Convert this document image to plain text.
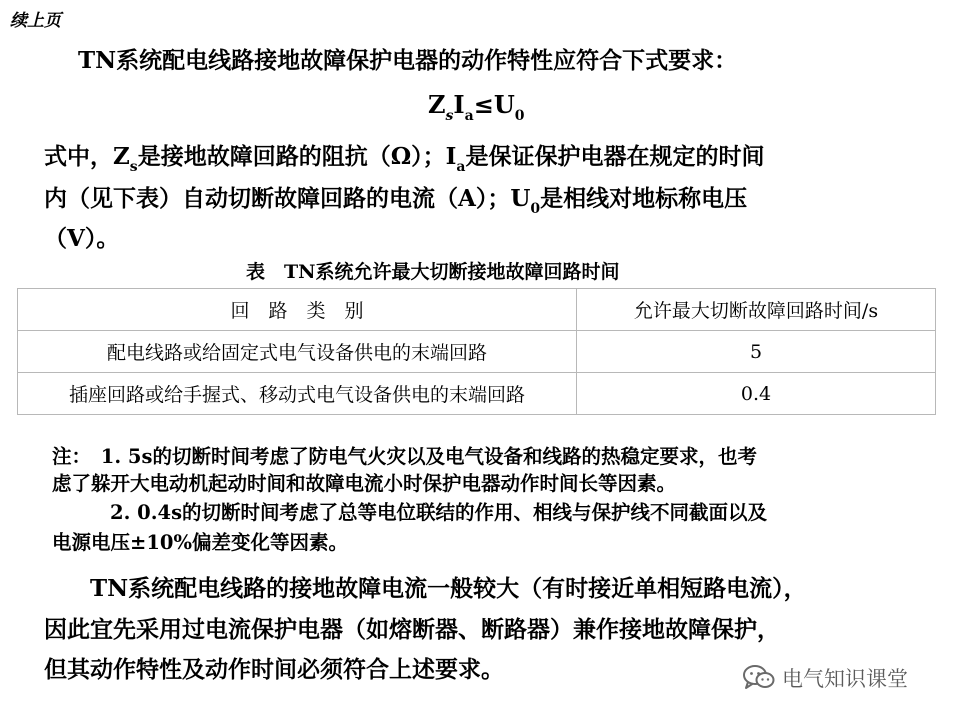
续上页
TN系统配电线路接地故障保护电器的动作特性应符合下式要求：
$Z_sI_a\le U_0$
式中，$Z_s$是接地故障回路的阻抗（Ω）；$I_a$是保证保护电器在规定的时间
内（见下表）自动切断故障回路的电流（A）；$U_0$是相线对地标称电压
（V）。
表　TN系统允许最大切断接地故障回路时间
回　路　类　别	允许最大切断故障回路时间/s
配电线路或给固定式电气设备供电的末端回路	5
插座回路或给手握式、移动式电气设备供电的末端回路	0.4
注：　1. 5s的切断时间考虑了防电气火灾以及电气设备和线路的热稳定要求，也考
虑了躲开大电动机起动时间和故障电流小时保护电器动作时间长等因素。
2. 0.4s的切断时间考虑了总等电位联结的作用、相线与保护线不同截面以及
电源电压±10%偏差变化等因素。
TN系统配电线路的接地故障电流一般较大（有时接近单相短路电流），
因此宜先采用过电流保护电器（如熔断器、断路器）兼作接地故障保护，
但其动作特性及动作时间必须符合上述要求。	电气知识课堂
